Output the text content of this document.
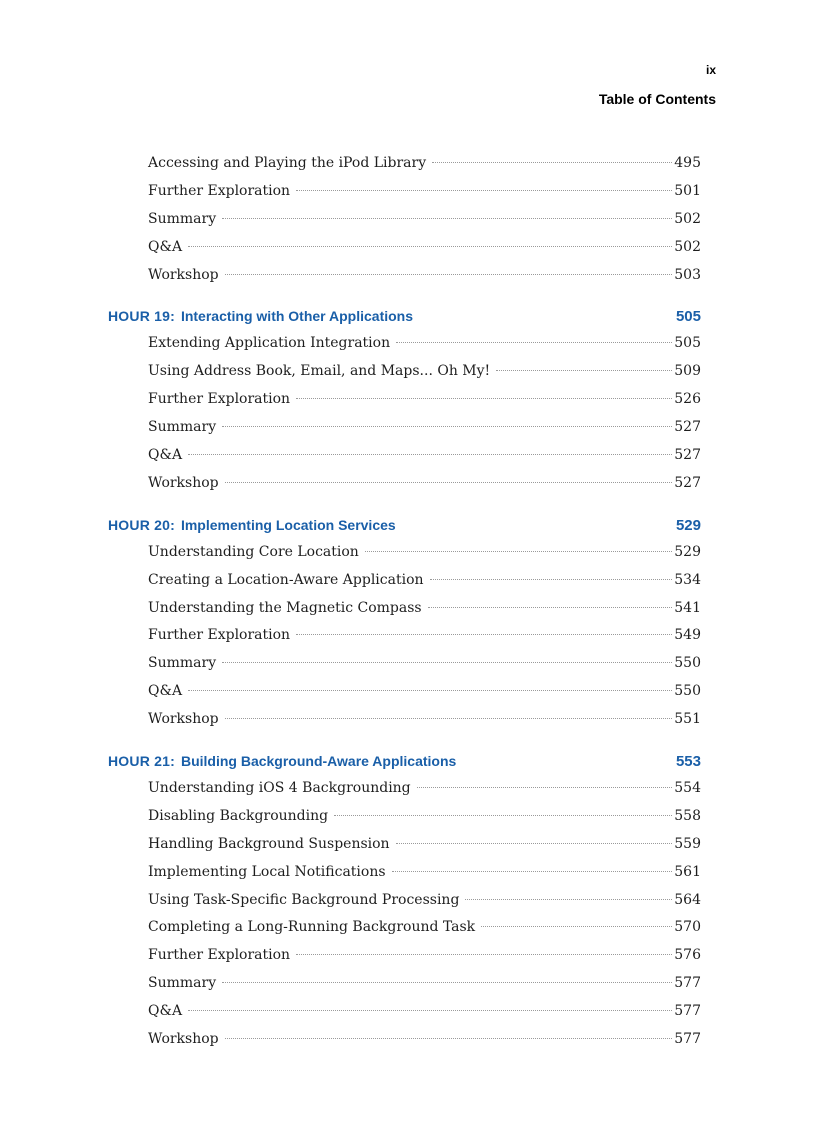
ix
Table of Contents
Accessing and Playing the iPod Library	495
Further Exploration	501
Summary	502
Q&A	502
Workshop	503
HOUR 19: Interacting with Other Applications	505
Extending Application Integration	505
Using Address Book, Email, and Maps... Oh My!	509
Further Exploration	526
Summary	527
Q&A	527
Workshop	527
HOUR 20: Implementing Location Services	529
Understanding Core Location	529
Creating a Location-Aware Application	534
Understanding the Magnetic Compass	541
Further Exploration	549
Summary	550
Q&A	550
Workshop	551
HOUR 21: Building Background-Aware Applications	553
Understanding iOS 4 Backgrounding	554
Disabling Backgrounding	558
Handling Background Suspension	559
Implementing Local Notifications	561
Using Task-Specific Background Processing	564
Completing a Long-Running Background Task	570
Further Exploration	576
Summary	577
Q&A	577
Workshop	577
